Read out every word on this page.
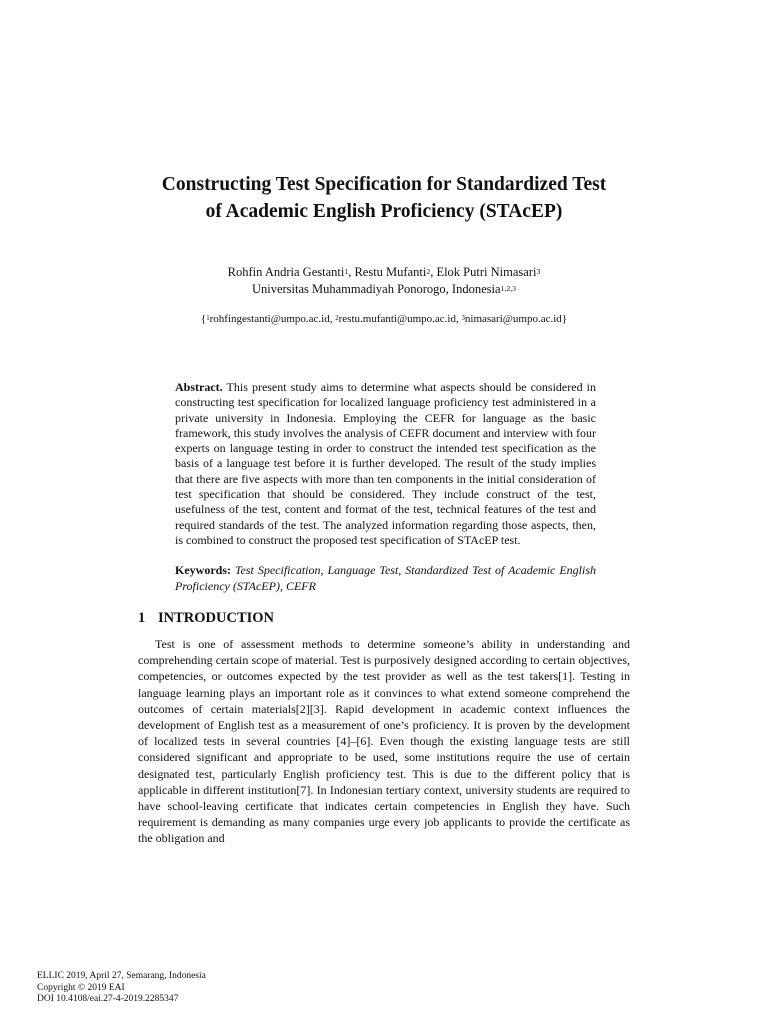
Constructing Test Specification for Standardized Test
of Academic English Proficiency (STAcEP)
Rohfin Andria Gestanti$^1$, Restu Mufanti$^2$, Elok Putri Nimasari$^3$
Universitas Muhammadiyah Ponorogo, Indonesia$^{1,2,3}$
{$^1$rohfingestanti@umpo.ac.id, $^2$restu.mufanti@umpo.ac.id, $^3$nimasari@umpo.ac.id}
Abstract. This present study aims to determine what aspects should be considered in constructing test specification for localized language proficiency test administered in a private university in Indonesia. Employing the CEFR for language as the basic framework, this study involves the analysis of CEFR document and interview with four experts on language testing in order to construct the intended test specification as the basis of a language test before it is further developed. The result of the study implies that there are five aspects with more than ten components in the initial consideration of test specification that should be considered. They include construct of the test, usefulness of the test, content and format of the test, technical features of the test and required standards of the test. The analyzed information regarding those aspects, then, is combined to construct the proposed test specification of STAcEP test.
Keywords: Test Specification, Language Test, Standardized Test of Academic English Proficiency (STAcEP), CEFR
1 INTRODUCTION
Test is one of assessment methods to determine someone’s ability in understanding and comprehending certain scope of material. Test is purposively designed according to certain objectives, competencies, or outcomes expected by the test provider as well as the test takers[1]. Testing in language learning plays an important role as it convinces to what extend someone comprehend the outcomes of certain materials[2][3]. Rapid development in academic context influences the development of English test as a measurement of one’s proficiency. It is proven by the development of localized tests in several countries [4]–[6]. Even though the existing language tests are still considered significant and appropriate to be used, some institutions require the use of certain designated test, particularly English proficiency test. This is due to the different policy that is applicable in different institution[7]. In Indonesian tertiary context, university students are required to have school-leaving certificate that indicates certain competencies in English they have. Such requirement is demanding as many companies urge every job applicants to provide the certificate as the obligation and
ELLIC 2019, April 27, Semarang, Indonesia
Copyright © 2019 EAI
DOI 10.4108/eai.27-4-2019.2285347
